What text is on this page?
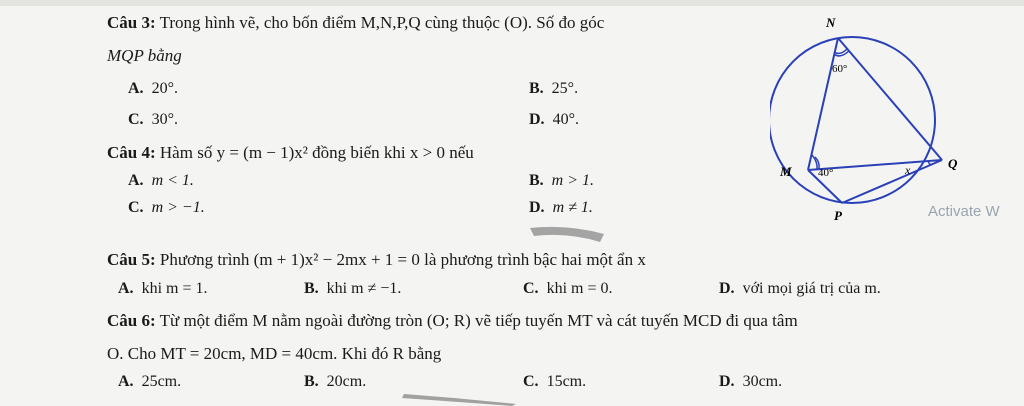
Câu 3: Trong hình vẽ, cho bốn điểm M,N,P,Q cùng thuộc (O). Số đo góc
MQP bằng
A. 20°.	B. 25°.
C. 30°.	D. 40°.
Câu 4: Hàm số y = (m − 1)x² đồng biến khi x > 0 nếu
A. m < 1.	B. m > 1.
C. m > −1.	D. m ≠ 1.
Câu 5: Phương trình (m + 1)x² − 2mx + 1 = 0 là phương trình bậc hai một ẩn x
A. khi m = 1.	B. khi m ≠ −1.	C. khi m = 0.	D. với mọi giá trị của m.
Câu 6: Từ một điểm M nằm ngoài đường tròn (O; R) vẽ tiếp tuyến MT và cát tuyến MCD đi qua tâm
O. Cho MT = 20cm, MD = 40cm. Khi đó R bằng
A. 25cm.	B. 20cm.	C. 15cm.	D. 30cm.
N
60°
M 40°	x	Q
P	Activate W
